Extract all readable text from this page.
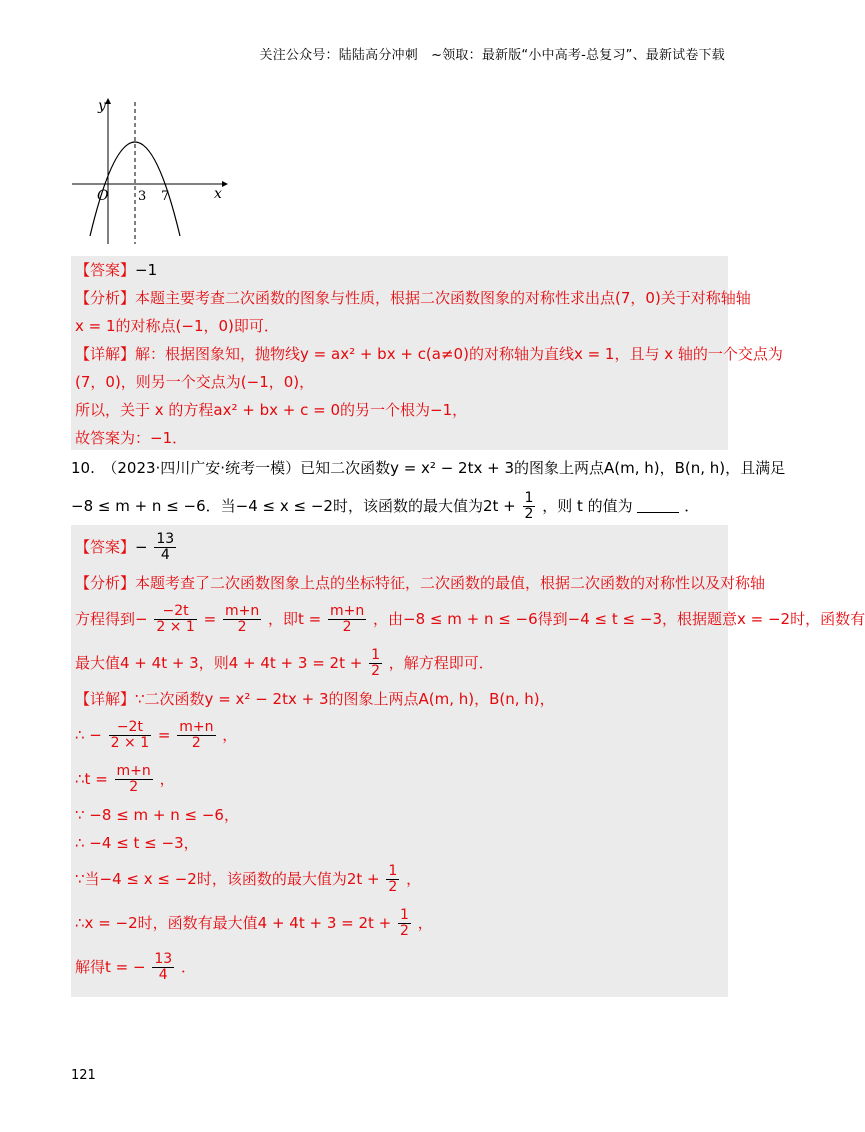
关注公众号：陆陆高分冲刺　~领取：最新版“小中高考-总复习”、最新试卷下载
y
x
O 3 7
【答案】−1
【分析】本题主要考查二次函数的图象与性质，根据二次函数图象的对称性求出点(7，0)关于对称轴轴
x = 1的对称点(−1，0)即可．
【详解】解：根据图象知，抛物线y = ax² + bx + c(a≠0)的对称轴为直线x = 1，且与 x 轴的一个交点为
(7，0)，则另一个交点为(−1，0)，
所以，关于 x 的方程ax² + bx + c = 0的另一个根为−1，
故答案为：−1．
10.　（2023·四川广安·统考一模）已知二次函数y = x² − 2tx + 3的图象上两点A(m, h)，B(n, h)，且满足
−8 ≤ m + n ≤ −6．当−4 ≤ x ≤ −2时，该函数的最大值为$2t + \frac{1}{2}$ ，则 t 的值为	．
【答案】− $\frac{13}{4}$
【分析】本题考查了二次函数图象上点的坐标特征，二次函数的最值，根据二次函数的对称性以及对称轴
方程得到− $\frac{-2t}{2 \times 1} = \frac{m+n}{2}$ ，即$t = \frac{m+n}{2}$ ，由−8 ≤ m + n ≤ −6得到−4 ≤ t ≤ −3，根据题意x = −2时，函数有
最大值4 + 4t + 3，则$4 + 4t + 3 = 2t + \frac{1}{2}$ ，解方程即可．
【详解】∵二次函数y = x² − 2tx + 3的图象上两点A(m, h)，B(n, h)，
∴ − $\frac{-2t}{2 \times 1} = \frac{m+n}{2}$ ，
∴t = $\frac{m+n}{2}$ ，
∵ −8 ≤ m + n ≤ −6，
∴ −4 ≤ t ≤ −3，
∵当−4 ≤ x ≤ −2时，该函数的最大值为$2t + \frac{1}{2}$ ，
∴x = −2时，函数有最大值$4 + 4t + 3 = 2t + \frac{1}{2}$ ，
解得t = − $\frac{13}{4}$ ．
121
